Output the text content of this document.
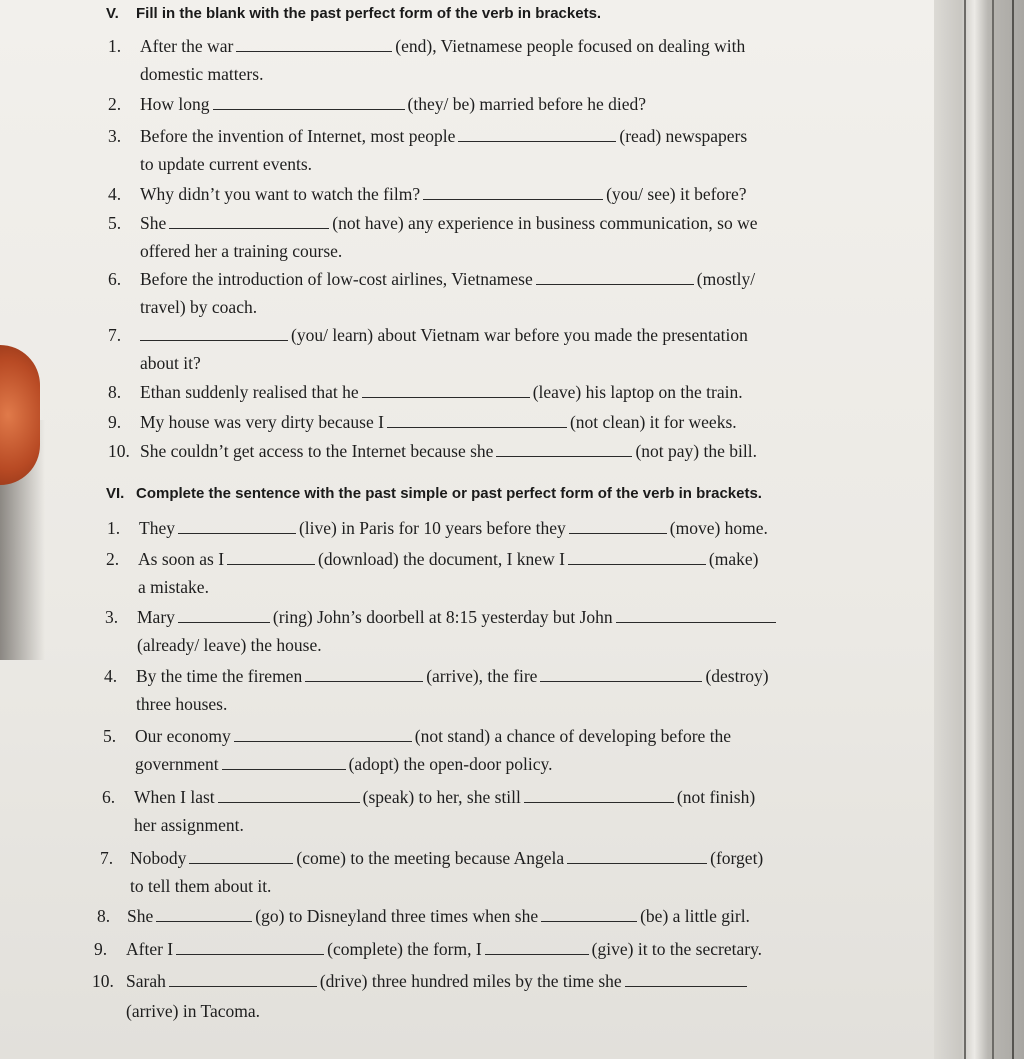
V. Fill in the blank with the past perfect form of the verb in brackets.
1. After the war	(end), Vietnamese people focused on dealing with
domestic matters.
2. How long	(they/ be) married before he died?
3. Before the invention of Internet, most people	(read) newspapers
to update current events.
4. Why didn’t you want to watch the film?	(you/ see) it before?
5. She	(not have) any experience in business communication, so we
offered her a training course.
6. Before the introduction of low-cost airlines, Vietnamese	(mostly/
travel) by coach.
7.	(you/ learn) about Vietnam war before you made the presentation
about it?
8. Ethan suddenly realised that he	(leave) his laptop on the train.
9. My house was very dirty because I	(not clean) it for weeks.
10. She couldn’t get access to the Internet because she	(not pay) the bill.
VI. Complete the sentence with the past simple or past perfect form of the verb in brackets.
1. They	(live) in Paris for 10 years before they	(move) home.
2. As soon as I	(download) the document, I knew I	(make)
a mistake.
3. Mary	(ring) John’s doorbell at 8:15 yesterday but John
(already/ leave) the house.
4. By the time the firemen	(arrive), the fire	(destroy)
three houses.
5. Our economy	(not stand) a chance of developing before the
government	(adopt) the open-door policy.
6. When I last	(speak) to her, she still	(not finish)
her assignment.
7. Nobody	(come) to the meeting because Angela	(forget)
to tell them about it.
8. She	(go) to Disneyland three times when she	(be) a little girl.
9. After I	(complete) the form, I	(give) it to the secretary.
10. Sarah	(drive) three hundred miles by the time she
(arrive) in Tacoma.
